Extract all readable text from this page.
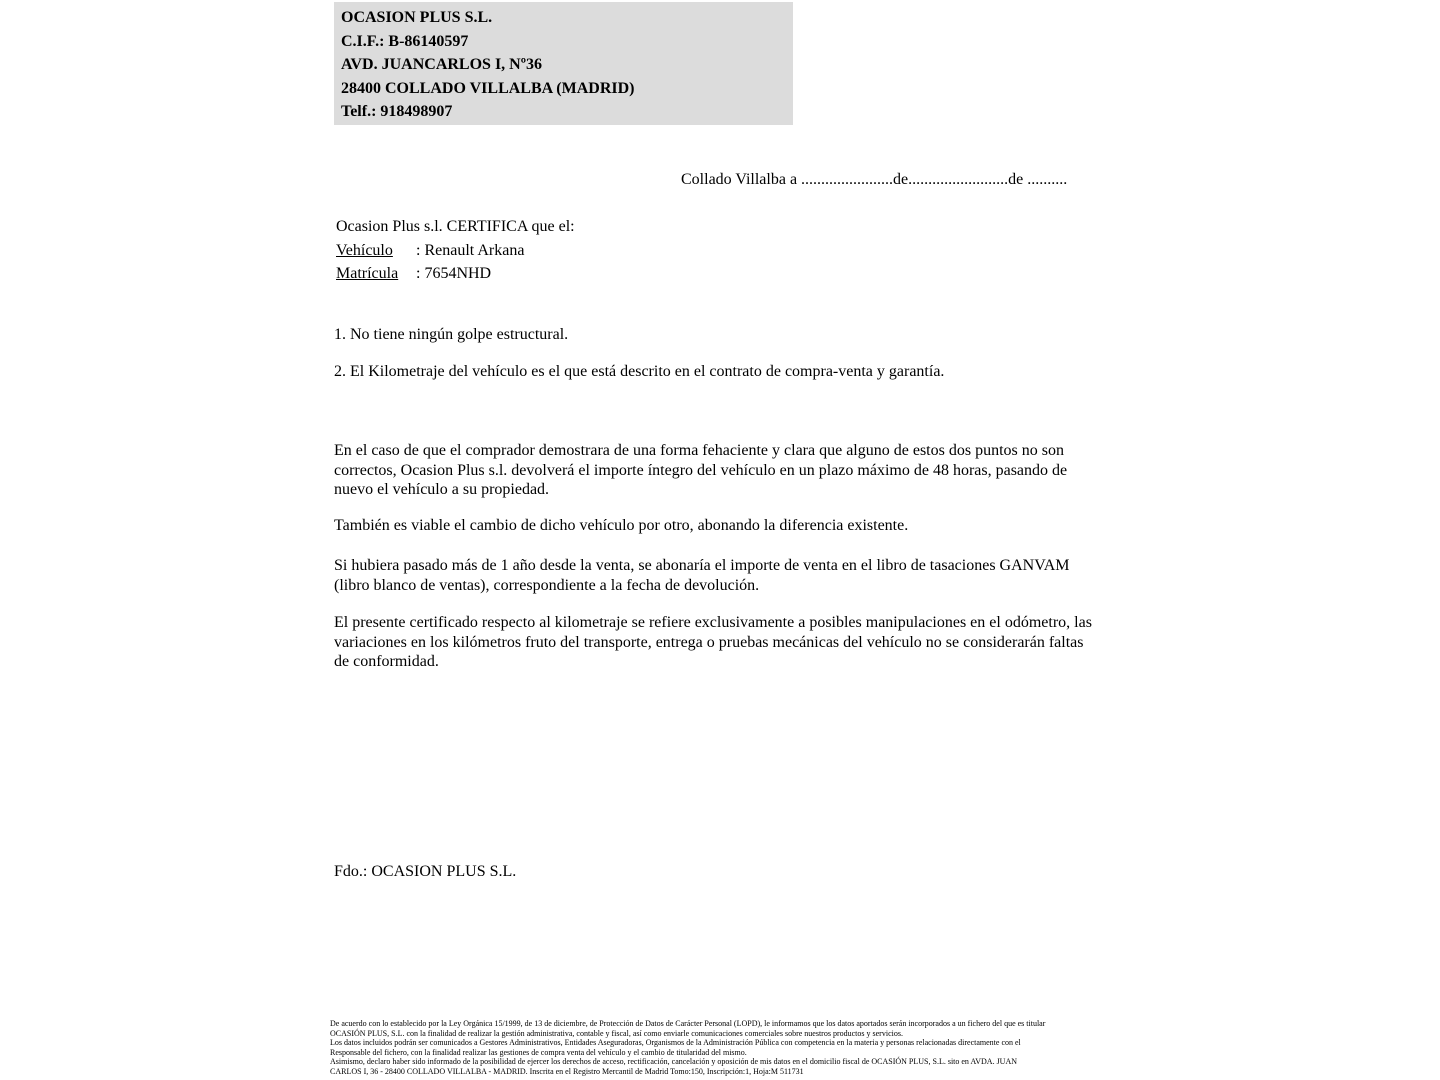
OCASION PLUS S.L.
C.I.F.: B-86140597
AVD. JUANCARLOS I, Nº36
28400 COLLADO VILLALBA (MADRID)
Telf.: 918498907
Collado Villalba a .......................de.........................de ..........
Ocasion Plus s.l. CERTIFICA que el:
Vehículo : Renault Arkana
Matrícula : 7654NHD
1. No tiene ningún golpe estructural.
2. El Kilometraje del vehículo es el que está descrito en el contrato de compra-venta y garantía.
En el caso de que el comprador demostrara de una forma fehaciente y clara que alguno de estos dos puntos no son correctos, Ocasion Plus s.l. devolverá el importe íntegro del vehículo en un plazo máximo de 48 horas, pasando de nuevo el vehículo a su propiedad.
También es viable el cambio de dicho vehículo por otro, abonando la diferencia existente.
Si hubiera pasado más de 1 año desde la venta, se abonaría el importe de venta en el libro de tasaciones GANVAM (libro blanco de ventas), correspondiente a la fecha de devolución.
El presente certificado respecto al kilometraje se refiere exclusivamente a posibles manipulaciones en el odómetro, las variaciones en los kilómetros fruto del transporte, entrega o pruebas mecánicas del vehículo no se considerarán faltas de conformidad.
Fdo.: OCASION PLUS S.L.
De acuerdo con lo establecido por la Ley Orgánica 15/1999, de 13 de diciembre, de Protección de Datos de Carácter Personal (LOPD), le informamos que los datos aportados serán incorporados a un fichero del que es titular
OCASIÓN PLUS, S.L. con la finalidad de realizar la gestión administrativa, contable y fiscal, así como enviarle comunicaciones comerciales sobre nuestros productos y servicios.
Los datos incluidos podrán ser comunicados a Gestores Administrativos, Entidades Aseguradoras, Organismos de la Administración Pública con competencia en la materia y personas relacionadas directamente con el
Responsable del fichero, con la finalidad realizar las gestiones de compra venta del vehículo y el cambio de titularidad del mismo.
Asimismo, declaro haber sido informado de la posibilidad de ejercer los derechos de acceso, rectificación, cancelación y oposición de mis datos en el domicilio fiscal de OCASIÓN PLUS, S.L. sito en AVDA. JUAN
CARLOS I, 36 - 28400 COLLADO VILLALBA - MADRID. Inscrita en el Registro Mercantil de Madrid Tomo:150, Inscripción:1, Hoja:M 511731
